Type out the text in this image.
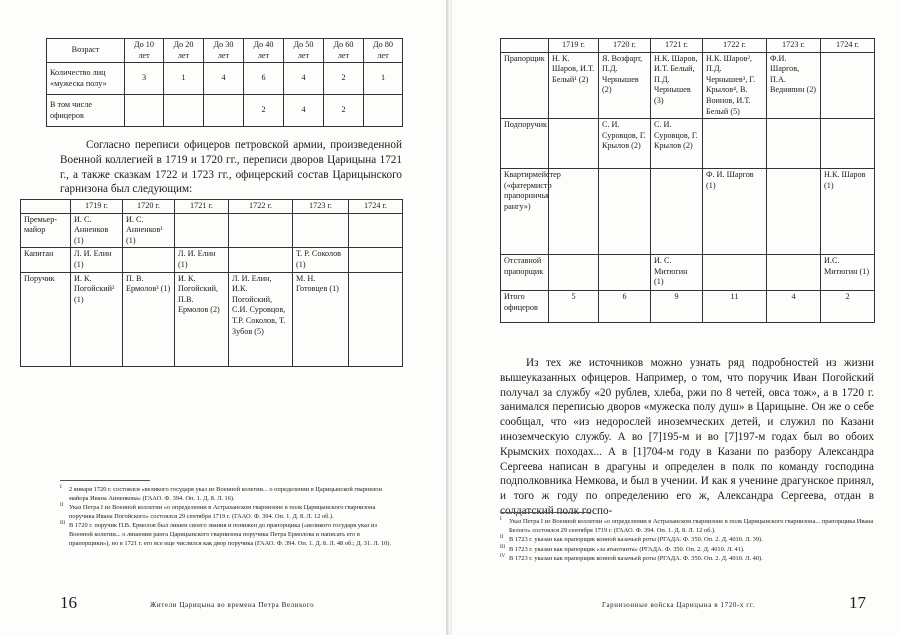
Возраст	До 10 лет	До 20 лет	До 30 лет	До 40 лет	До 50 лет	До 60 лет	До 80 лет
Количество лиц «мужеска полу»	3	1	4	6	4	2	1
В том числе офицеров				2	4	2	

Согласно переписи офицеров петровской армии, произведенной Военной коллегией в 1719 и 1720 гг., переписи дворов Царицына 1721 г., а также сказкам 1722 и 1723 гг., офицерский состав Царицынского гарнизона был следующим:

	1719 г.	1720 г.	1721 г.	1722 г.	1723 г.	1724 г.
Премьер-майор	И. С. Анненков (1)	И. С. Анненков¹ (1)				
Капитан	Л. И. Елин (1)		Л. И. Елин (1)		Т. Р. Соколов (1)	
Поручик	И. К. Погойский² (1)	П. В. Ермолов³ (1)	И. К. Погойский, П.В. Ермолов (2)	Л. И. Елин, И.К. Погойский, С.И. Суровцов, Т.Р. Соколов, Т. Зубов (5)	М. Н. Готовцев (1)	
I 2 января 1720 г. состоялся «великого государя указ из Военной колегии... о определении в Царицынской гварнизон майора Ивана Анненкова» (ГААО. Ф. 394. Оп. 1. Д. 8. Л. 16).
II Указ Петра I из Военной коллегии «о определении в Астраханском гварнизоне в полк Царицынского гварнизона поручика Ивана Погойского» состоялся 29 сентября 1719 г. (ГААО. Ф. 394. Оп. 1. Д. 8. Л. 12 об.).
III В 1720 г. поручик П.В. Ермолов был лишен своего звания и понижен до прапорщика («великого государя указ из Военной колегии... о лишении ранга Царицынского гварнизона поручика Петра Ермолова и написать его в прапорщики»), но в 1721 г. его все еще числился как двор поручика (ГААО. Ф. 394. Оп. 1. Д. 8. Л. 48 об.; Д. 31. Л. 10).
16	Жители Царицына во времена Петра Великого
	1719 г.	1720 г.	1721 г.	1722 г.	1723 г.	1724 г.
Прапорщик	Н. К. Шаров, И.Т. Белый¹ (2)	Я. Возфарт, П.Д. Чернышев (2)	Н.К. Шаров, И.Т. Белый, П.Д. Чернышев (3)	Н.К. Шаров², П.Д. Чернышев³, Г. Крылов⁴, В. Воинов, И.Т. Белый (5)	Ф.И. Шаргов, П.А. Ведияпин (2)	
Подпоручик		С. И. Суровцов, Г. Крылов (2)	С. И. Суровцов, Г. Крылов (2)			
Квартирмейстер («фатермистр прапорничья рангу»)				Ф. И. Шаргов (1)		Н.К. Шаров (1)
Отставной прапорщик			И. С. Митюгин (1)			И.С. Митюгин (1)
Итого офицеров	5	6	9	11	4	2

Из тех же источников можно узнать ряд подробностей из жизни вышеуказанных офицеров. Например, о том, что поручик Иван Погойский получал за службу «20 рублев, хлеба, ржи по 8 четей, овса тож», а в 1720 г. занимался переписью дворов «мужеска полу душ» в Царицыне. Он же о себе сообщал, что «из недорослей иноземческих детей, и служил по Казани иноземческую службу. А во [7]195-м и во [7]197-м годах был во обоих Крымских походах... А в [1]704-м году в Казани по разбору Александра Сергеева написан в драгуны и определен в полк по команду господина подполковника Немкова, и был в учении. И как я ученине драгунское принял, и того ж году по определению его ж, Александра Сергеева, отдан в солдатский полк госпо-

I Указ Петра I из Военной коллегии «о определении в Астраханском гварнизоне в полк Царицынского гварнизона... прапорщика Ивана Белого» состоялся 29 сентября 1719 г. (ГААО. Ф. 394. Оп. 1. Д. 8. Л. 12 об.).
II В 1723 г. указан как прапорщик конной казачьей роты (РГАДА. Ф. 350. Оп. 2. Д. 4010. Л. 39).
III В 1723 г. указан как прапорщик «за атьютанта» (РГАДА. Ф. 350. Оп. 2. Д. 4010. Л. 41).
IV В 1723 г. указан как прапорщик конной казачьей роты (РГАДА. Ф. 350. Оп. 2. Д. 4010. Л. 40).
Гарнизонные войска Царицына в 1720-х гг.	17
